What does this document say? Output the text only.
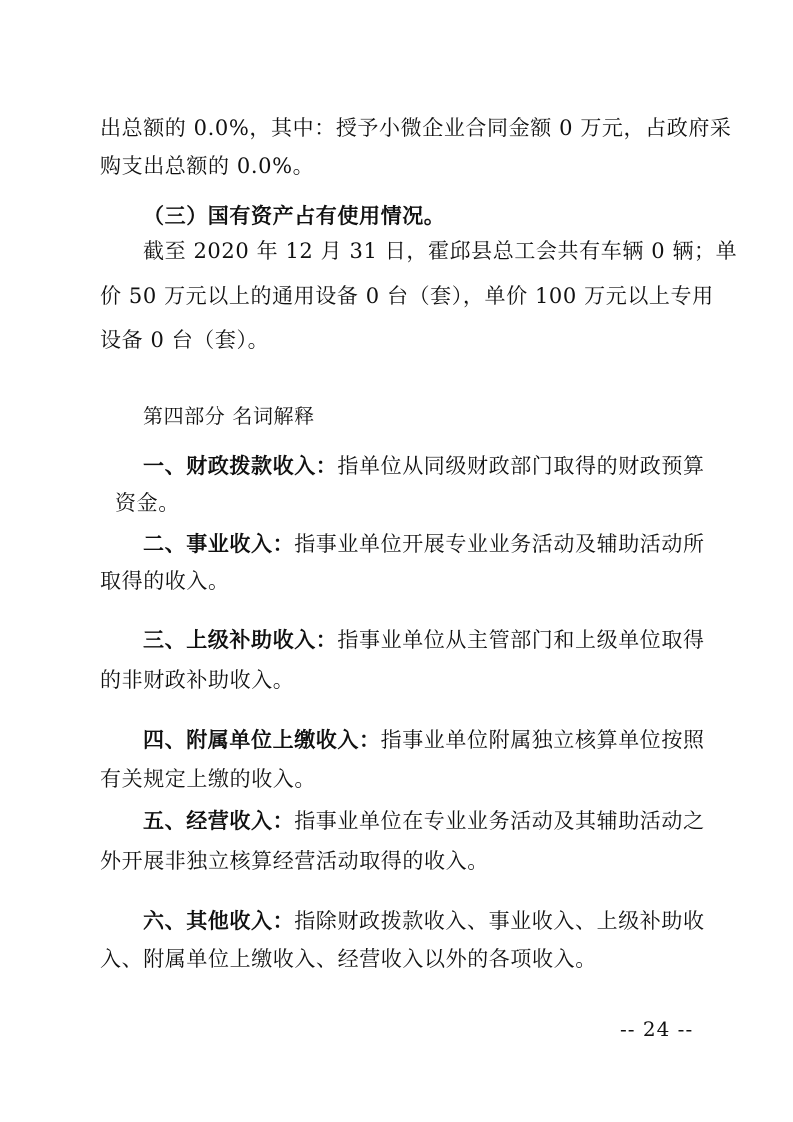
出总额的 0.0%，其中：授予小微企业合同金额 0 万元，占政府采
购支出总额的 0.0%。
（三）国有资产占有使用情况。
截至 2020 年 12 月 31 日，霍邱县总工会共有车辆 0 辆；单
价 50 万元以上的通用设备 0 台（套），单价 100 万元以上专用
设备 0 台（套）。
第四部分 名词解释
一、财政拨款收入：指单位从同级财政部门取得的财政预算
资金。
二、事业收入：指事业单位开展专业业务活动及辅助活动所
取得的收入。
三、上级补助收入：指事业单位从主管部门和上级单位取得
的非财政补助收入。
四、附属单位上缴收入：指事业单位附属独立核算单位按照
有关规定上缴的收入。
五、经营收入：指事业单位在专业业务活动及其辅助活动之
外开展非独立核算经营活动取得的收入。
六、其他收入：指除财政拨款收入、事业收入、上级补助收
入、附属单位上缴收入、经营收入以外的各项收入。
-- 24 --
